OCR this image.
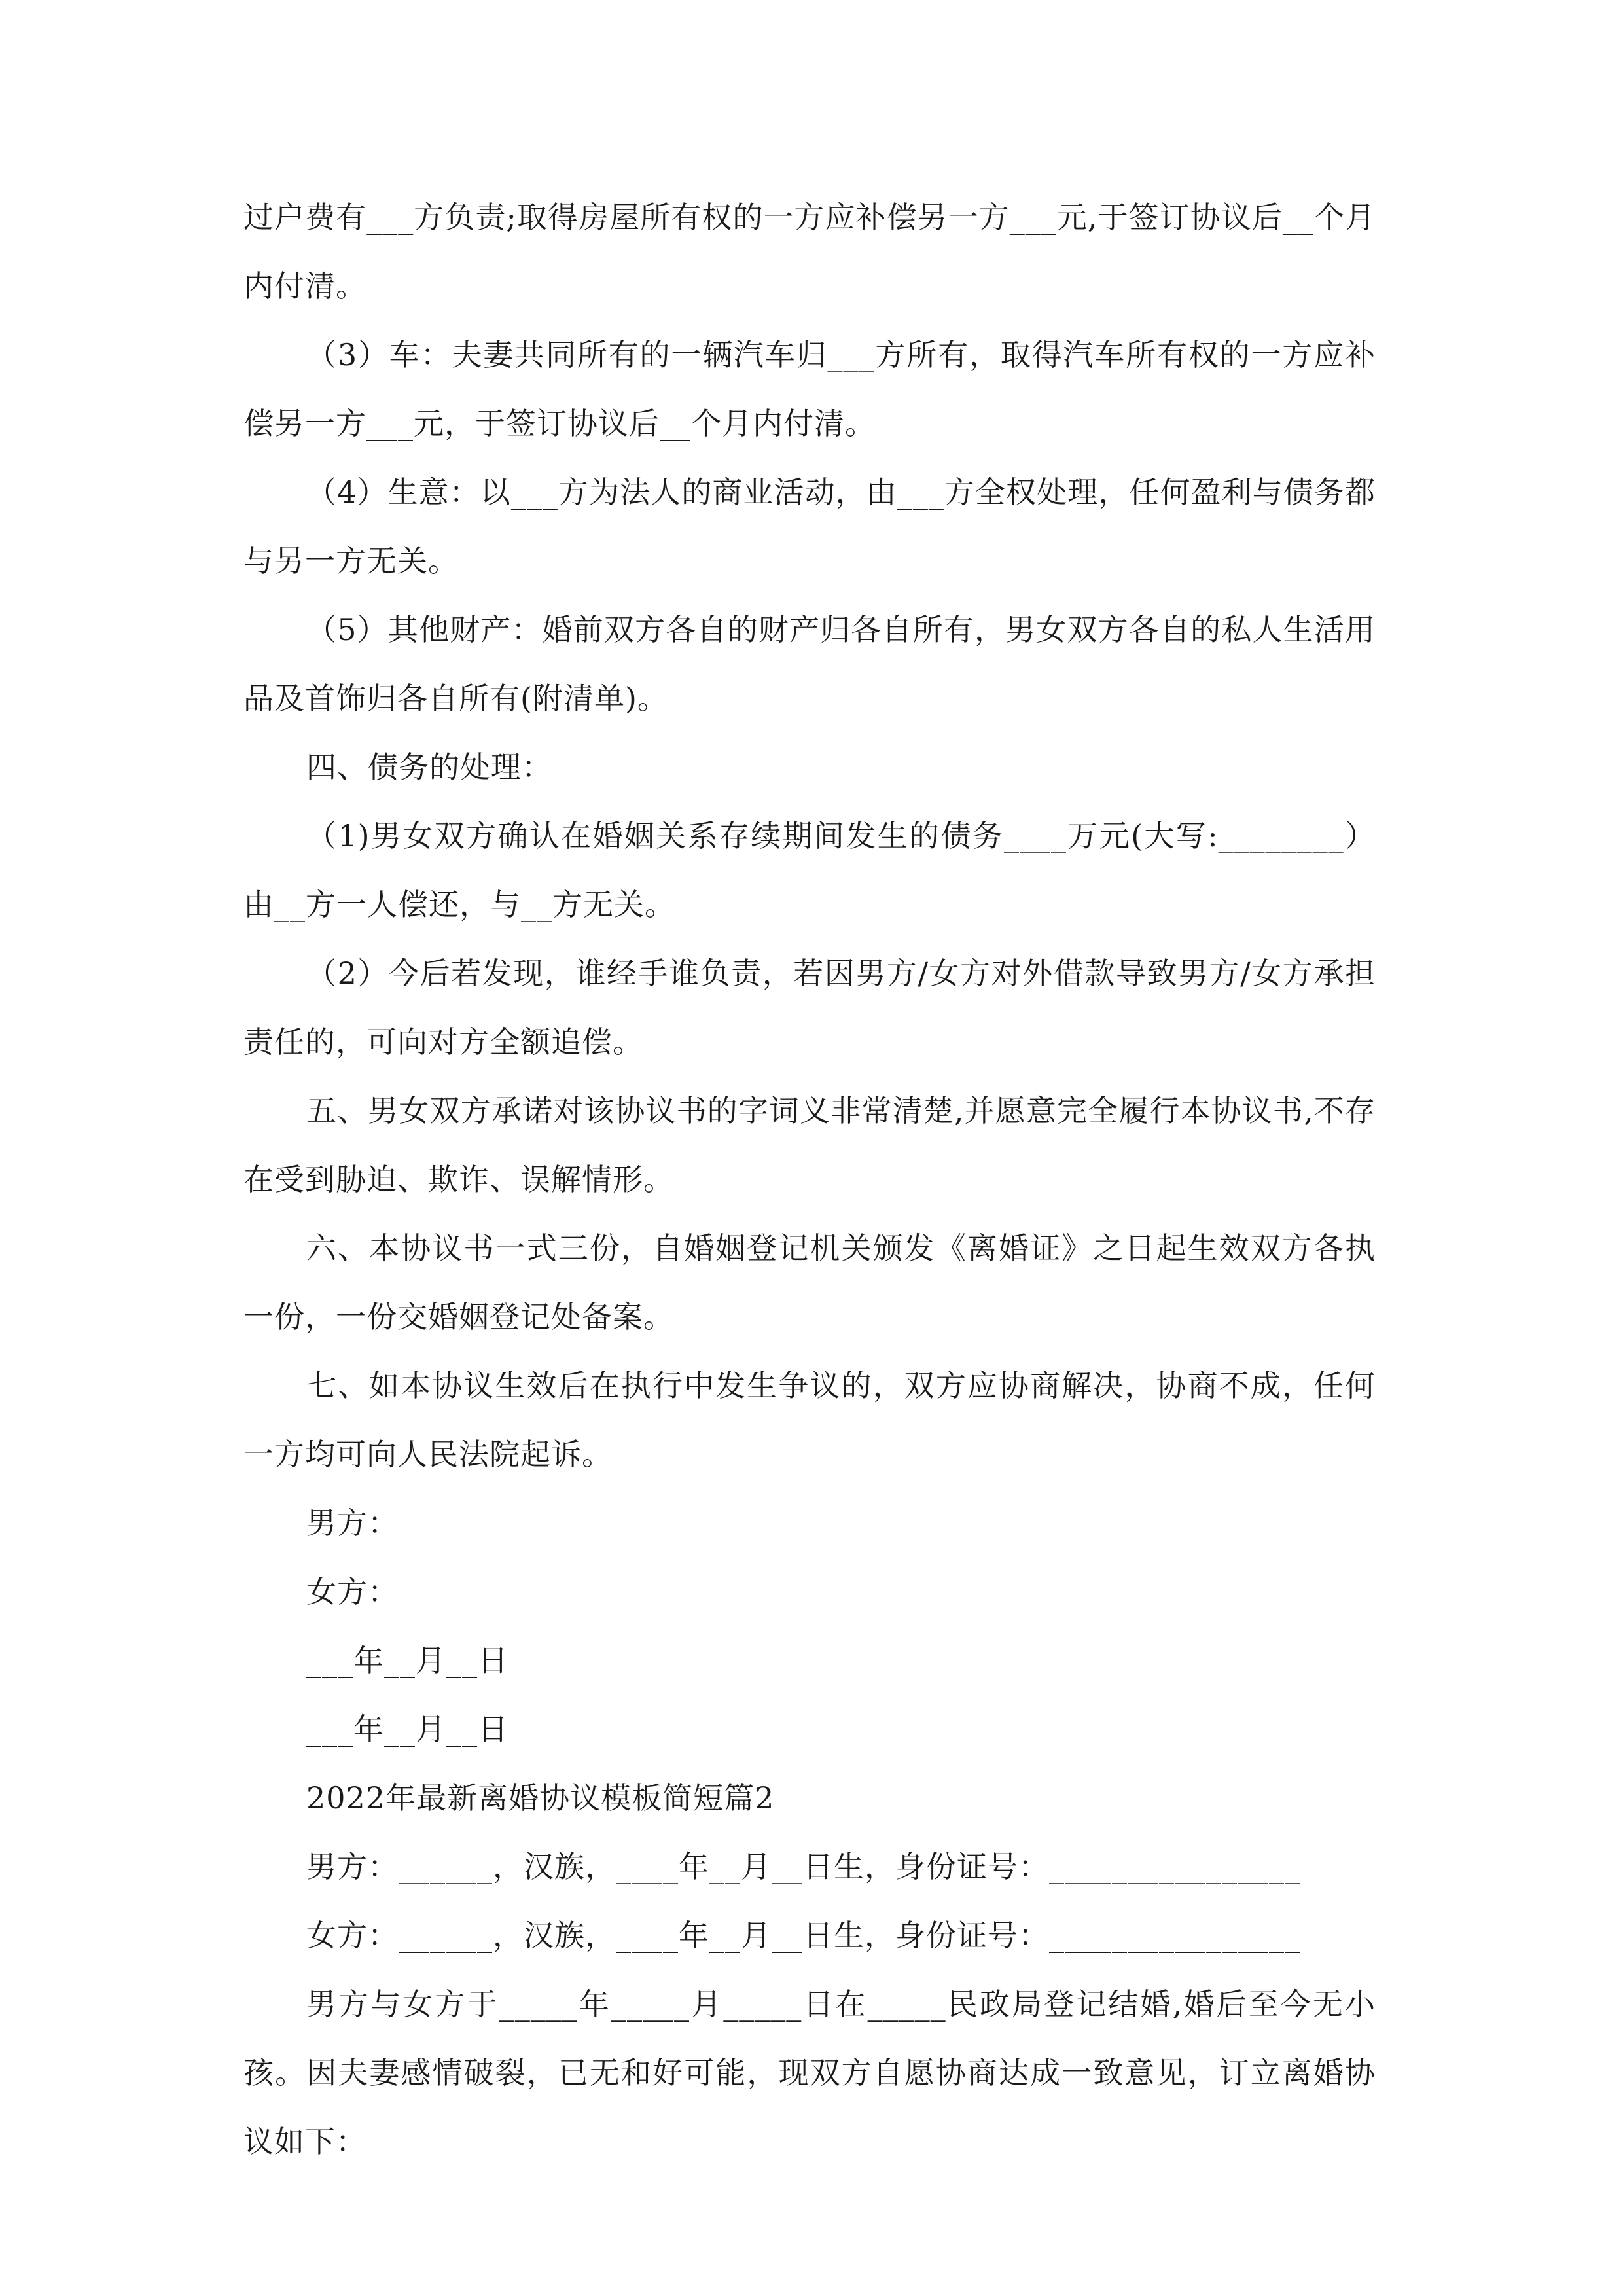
过户费有___方负责;取得房屋所有权的一方应补偿另一方___元,于签订协议后__个月内付清。

（3）车：夫妻共同所有的一辆汽车归___方所有，取得汽车所有权的一方应补偿另一方___元，于签订协议后__个月内付清。

（4）生意：以___方为法人的商业活动，由___方全权处理，任何盈利与债务都与另一方无关。

（5）其他财产：婚前双方各自的财产归各自所有，男女双方各自的私人生活用品及首饰归各自所有(附清单)。

四、债务的处理：

（1)男女双方确认在婚姻关系存续期间发生的债务____万元(大写:________）由__方一人偿还，与__方无关。

（2）今后若发现，谁经手谁负责，若因男方/女方对外借款导致男方/女方承担责任的，可向对方全额追偿。

五、男女双方承诺对该协议书的字词义非常清楚,并愿意完全履行本协议书,不存在受到胁迫、欺诈、误解情形。

六、本协议书一式三份，自婚姻登记机关颁发《离婚证》之日起生效双方各执一份，一份交婚姻登记处备案。

七、如本协议生效后在执行中发生争议的，双方应协商解决，协商不成，任何一方均可向人民法院起诉。

男方：

女方：

___年__月__日

___年__月__日

2022年最新离婚协议模板简短篇2

男方：______，汉族，____年__月__日生，身份证号：________________

女方：______，汉族，____年__月__日生，身份证号：________________

男方与女方于_____年_____月_____日在_____民政局登记结婚,婚后至今无小孩。因夫妻感情破裂，已无和好可能，现双方自愿协商达成一致意见，订立离婚协议如下：
